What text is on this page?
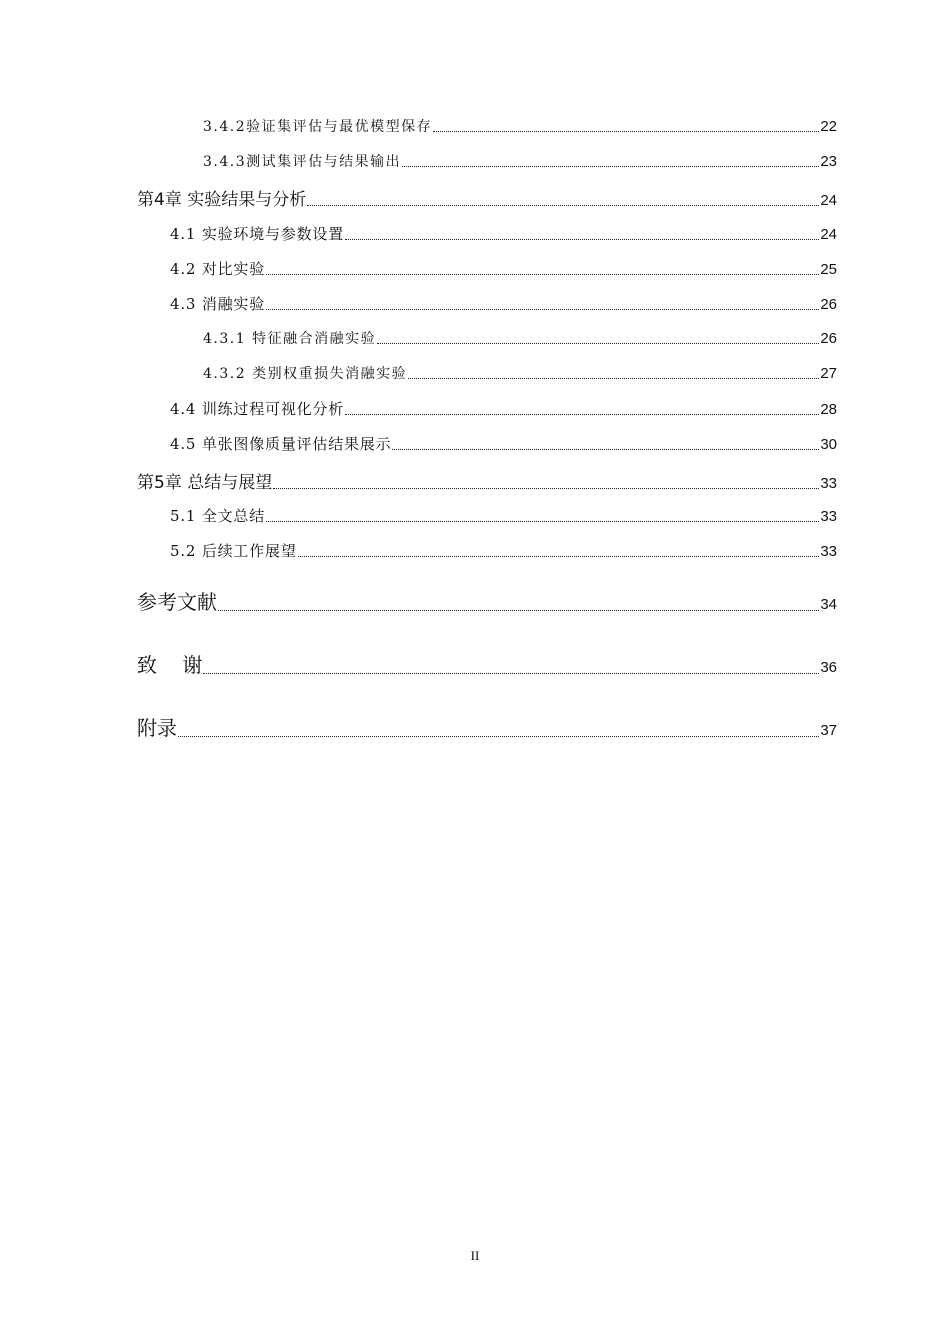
3.4.2验证集评估与最优模型保存	22
3.4.3测试集评估与结果输出	23
第4章 实验结果与分析	24
4.1 实验环境与参数设置	24
4.2 对比实验	25
4.3 消融实验	26
4.3.1 特征融合消融实验	26
4.3.2 类别权重损失消融实验	27
4.4 训练过程可视化分析	28
4.5 单张图像质量评估结果展示	30
第5章 总结与展望	33
5.1 全文总结	33
5.2 后续工作展望	33
参考文献	34
致    谢	36
附录	37
II
